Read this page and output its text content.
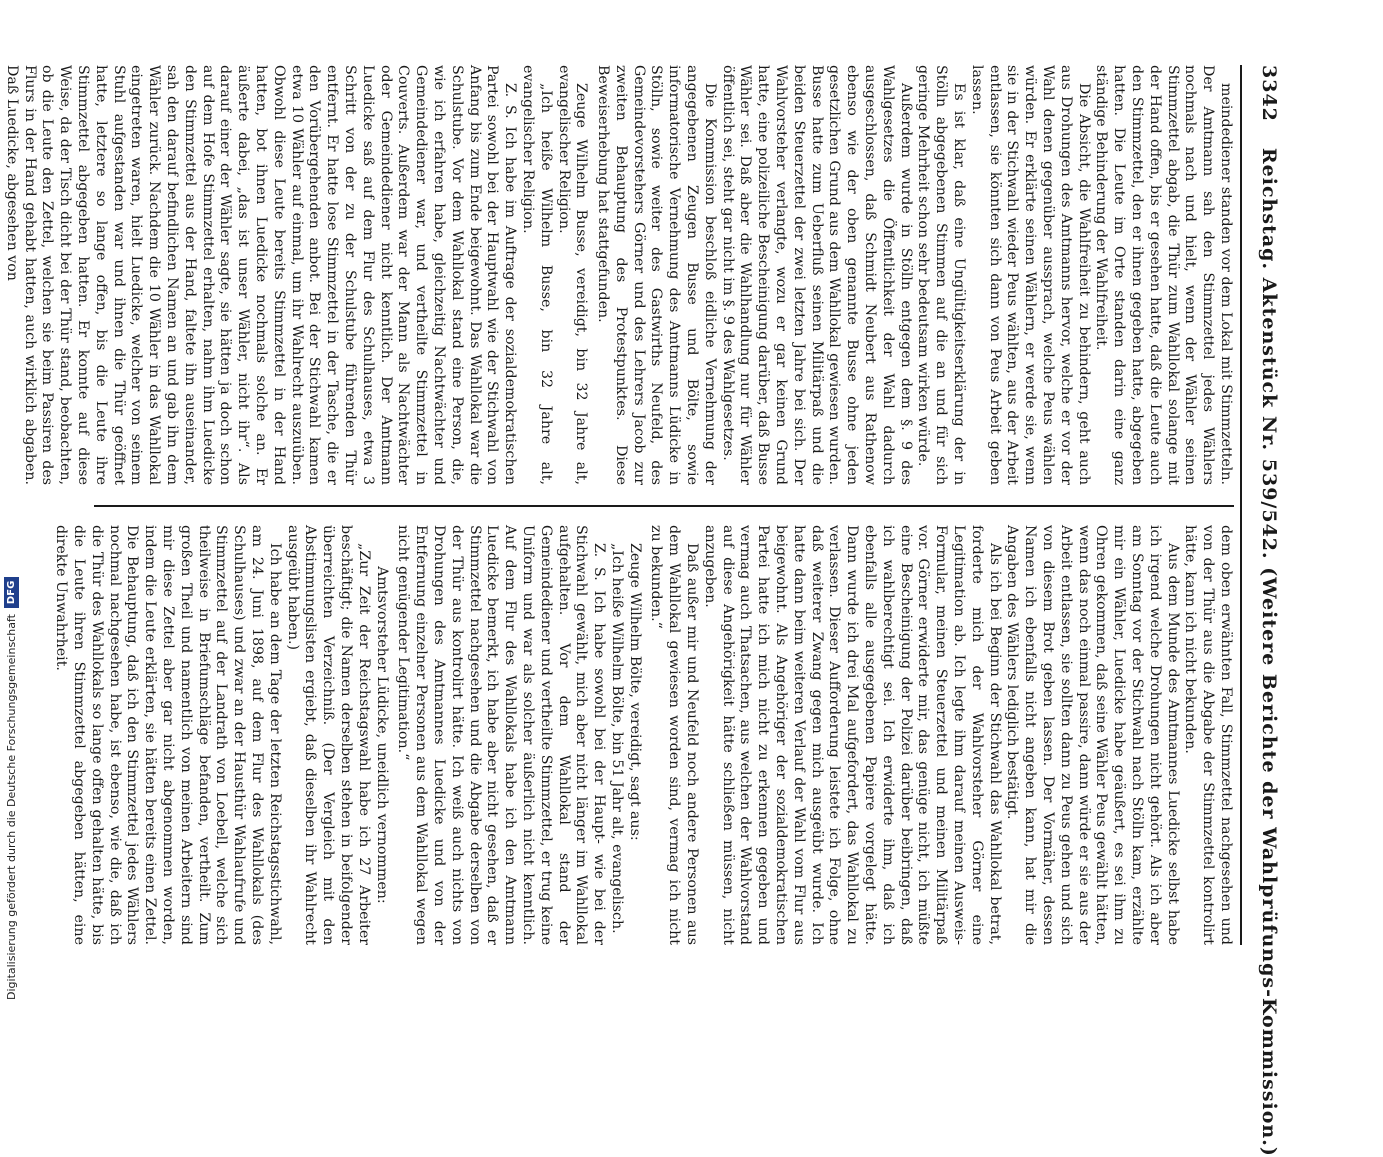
3342
Reichstag. Aktenstück Nr. 539/542. (Weitere Berichte der Wahlprüfungs-Kommission.)

meindediener standen vor dem Lokal mit Stimmzetteln. Der Amtmann sah den Stimmzettel jedes Wählers nochmals nach und hielt, wenn der Wähler seinen Stimmzettel abgab, die Thür zum Wahllokal solange mit der Hand offen, bis er gesehen hatte, daß die Leute auch den Stimmzettel, den er ihnen gegeben hatte, abgegeben hatten. Die Leute im Orte standen darin eine ganz ständige Behinderung der Wahlfreiheit.

Die Absicht, die Wahlfreiheit zu behindern, geht auch aus Drohungen des Amtmanns hervor, welche er vor der Wahl denen gegenüber aussprach, welche Peus wählen würden. Er erklärte seinen Wählern, er werde sie, wenn sie in der Stichwahl wieder Peus wählten, aus der Arbeit entlassen, sie könnten sich dann von Peus Arbeit geben lassen.

Es ist klar, daß eine Ungültigkeitserklärung der in Stölln abgegebenen Stimmen auf die an und für sich geringe Mehrheit schon sehr bedeutsam wirken würde.

Außerdem wurde in Stölln entgegen dem §. 9 des Wahlgesetzes die Öffentlichkeit der Wahl dadurch ausgeschlossen, daß Schmidt Neubert aus Rathenow ebenso wie der oben genannte Busse ohne jeden gesetzlichen Grund aus dem Wahllokal gewiesen wurden. Busse hatte zum Ueberfluß seinen Militärpaß und die beiden Steuerzettel der zwei letzten Jahre bei sich. Der Wahlvorsteher verlangte, wozu er gar keinen Grund hatte, eine polizeiliche Bescheinigung darüber, daß Busse Wähler sei. Daß aber die Wahlhandlung nur für Wähler öffentlich sei, steht gar nicht im §. 9 des Wahlgesetzes.

Die Kommission beschloß eidliche Vernehmung der angegebenen Zeugen Busse und Bölte, sowie informatorische Vernehmung des Amtmanns Lüdicke in Stölln, sowie weiter des Gastwirths Neufeld, des Gemeindevorstehers Görner und des Lehrers Jacob zur zweiten Behauptung des Protestpunktes. Diese Beweiserhebung hat stattgefunden.

Zeuge Wilhelm Busse, vereidigt, bin 32 Jahre alt, evangelischer Religion.

„Ich heiße Wilhelm Busse, bin 32 Jahre alt, evangelischer Religion.

Z. S. Ich habe im Auftrage der sozialdemokratischen Partei sowohl bei der Hauptwahl wie der Stichwahl von Anfang bis zum Ende beigewohnt. Das Wahllokal war die Schulstube. Vor dem Wahllokal stand eine Person, die, wie ich erfahren habe, gleichzeitig Nachtwächter und Gemeindediener war, und vertheilte Stimmzettel in Couverts. Außerdem war der Mann als Nachtwächter oder Gemeindediener nicht kenntlich. Der Amtmann Luedicke saß auf dem Flur des Schulhauses, etwa 3 Schritt von der zu der Schulstube führenden Thür entfernt. Er hatte lose Stimmzettel in der Tasche, die er den Vorübergehenden anbot. Bei der Stichwahl kamen etwa 10 Wähler auf einmal, um ihr Wahlrecht auszuüben. Obwohl diese Leute bereits Stimmzettel in der Hand hatten, bot ihnen Luedicke nochmals solche an. Er äußerte dabei, „das ist unser Wähler, nicht ihr“. Als darauf einer der Wähler sagte, sie hätten ja doch schon auf dem Hofe Stimmzettel erhalten, nahm ihm Luedicke den Stimmzettel aus der Hand, faltete ihn auseinander, sah den darauf befindlichen Namen an und gab ihn dem Wähler zurück. Nachdem die 10 Wähler in das Wahllokal eingetreten waren, hielt Luedicke, welcher von seinem Stuhl aufgestanden war und ihnen die Thür geöffnet hatte, letztere so lange offen, bis die Leute ihre Stimmzettel abgegeben hatten. Er konnte auf diese Weise, da der Tisch dicht bei der Thür stand, beobachten, ob die Leute den Zettel, welchen sie beim Passiren des Flurs in der Hand gehabt hatten, auch wirklich abgaben. Daß Luedicke, abgesehen von

dem oben erwähnten Fall, Stimmzettel nachgesehen und von der Thür aus die Abgabe der Stimmzettel kontrolirt hätte, kann ich nicht bekunden.

Aus dem Munde des Amtmannes Luedicke selbst habe ich irgend welche Drohungen nicht gehört. Als ich aber am Sonntag vor der Stichwahl nach Stölln kam, erzählte mir ein Wähler, Luedicke habe geäußert, es sei ihm zu Ohren gekommen, daß seine Wähler Peus gewählt hätten, wenn das noch einmal passire, dann würde er sie aus der Arbeit entlassen, sie sollten dann zu Peus gehen und sich von diesem Brot geben lassen. Der Vormäher, dessen Namen ich ebenfalls nicht angeben kann, hat mir die Angaben des Wählers lediglich bestätigt.

Als ich bei Beginn der Stichwahl das Wahllokal betrat, forderte mich der Wahlvorsteher Görner eine Legitimation ab. Ich legte ihm darauf meinen Ausweis-Formular, meinen Steuerzettel und meinen Militärpaß vor. Görner erwiderte mir, das genüge nicht, ich müßte eine Bescheinigung der Polizei darüber beibringen, daß ich wahlberechtigt sei. Ich erwiderte ihm, daß ich ebenfalls alle ausgegebenen Papiere vorgelegt hätte. Dann wurde ich drei Mal aufgefordert, das Wahllokal zu verlassen. Dieser Aufforderung leistete ich Folge, ohne daß weiterer Zwang gegen mich ausgeübt wurde. Ich hatte dann beim weiteren Verlauf der Wahl vom Flur aus beigewohnt. Als Angehöriger der sozialdemokratischen Partei hatte ich mich nicht zu erkennen gegeben und vermag auch Thatsachen, aus welchen der Wahlvorstand auf diese Angehörigkeit hätte schließen müssen, nicht anzugeben.

Daß außer mir und Neufeld noch andere Personen aus dem Wahllokal gewiesen worden sind, vermag ich nicht zu bekunden.“

Zeuge Wilhelm Bölte, vereidigt, sagt aus:

„Ich heiße Wilhelm Bölte, bin 51 Jahr alt, evangelisch.

Z. S. Ich habe sowohl bei der Haupt- wie bei der Stichwahl gewählt, mich aber nicht länger im Wahllokal aufgehalten. Vor dem Wahllokal stand der Gemeindediener und vertheilte Stimmzettel, er trug keine Uniform und war als solcher äußerlich nicht kenntlich. Auf dem Flur des Wahllokals habe ich den Amtmann Luedicke bemerkt, ich habe aber nicht gesehen, daß er Stimmzettel nachgesehen und die Abgabe derselben von der Thür aus kontrolirt hätte. Ich weiß auch nichts von Drohungen des Amtmannes Luedicke und von der Entfernung einzelner Personen aus dem Wahllokal wegen nicht genügender Legitimation.“

Amtsvorsteher Lüdicke, uneidlich vernommen:

„Zur Zeit der Reichstagswahl habe ich 27 Arbeiter beschäftigt; die Namen derselben stehen in beifolgender überreichten Verzeichniß. (Der Vergleich mit den Abstimmungslisten ergiebt, daß dieselben ihr Wahlrecht ausgeübt haben.)

Ich habe an dem Tage der letzten Reichstagsstichwahl, am 24. Juni 1898, auf dem Flur des Wahllokals (des Schulhauses) und zwar an der Hausthür Wahlaufrufe und Stimmzettel auf der Landrath von Loebell, welche sich theilweise in Briefumschläge befanden, vertheilt. Zum großen Theil und namentlich von meinen Arbeitern sind mir diese Zettel aber gar nicht abgenommen worden, indem die Leute erklärten, sie hätten bereits einen Zettel. Die Behauptung, daß ich den Stimmzettel jedes Wählers nochmal nachgesehen habe, ist ebenso, wie die, daß ich die Thür des Wahllokals so lange offen gehalten hätte, bis die Leute ihren Stimmzettel abgegeben hätten, eine direkte Unwahrheit.

Digitalisierung gefördert durch die Deutsche Forschungsgemeinschaft
DFG
